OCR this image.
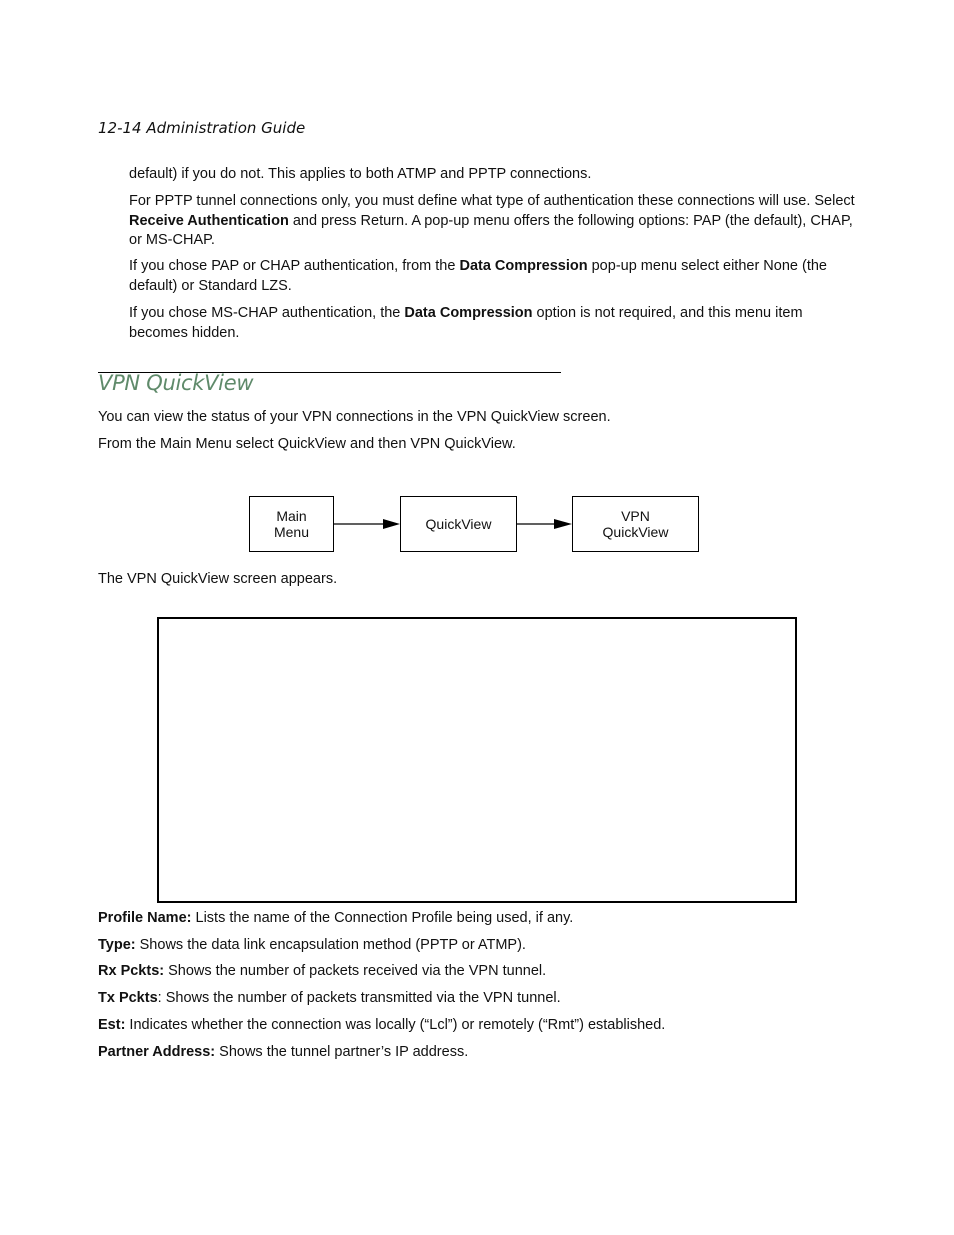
12-14 Administration Guide

default) if you do not. This applies to both ATMP and PPTP connections.

For PPTP tunnel connections only, you must define what type of authentication these connections will use. Select Receive Authentication and press Return. A pop-up menu offers the following options: PAP (the default), CHAP, or MS-CHAP.

If you chose PAP or CHAP authentication, from the Data Compression pop-up menu select either None (the default) or Standard LZS.

If you chose MS-CHAP authentication, the Data Compression option is not required, and this menu item becomes hidden.

VPN QuickView

You can view the status of your VPN connections in the VPN QuickView screen.

From the Main Menu select QuickView and then VPN QuickView.

Main
Menu	QuickView	VPN
QuickView

The VPN QuickView screen appears.

Profile Name: Lists the name of the Connection Profile being used, if any.

Type: Shows the data link encapsulation method (PPTP or ATMP).

Rx Pckts: Shows the number of packets received via the VPN tunnel.

Tx Pckts: Shows the number of packets transmitted via the VPN tunnel.

Est: Indicates whether the connection was locally (“Lcl”) or remotely (“Rmt”) established.

Partner Address: Shows the tunnel partner’s IP address.
